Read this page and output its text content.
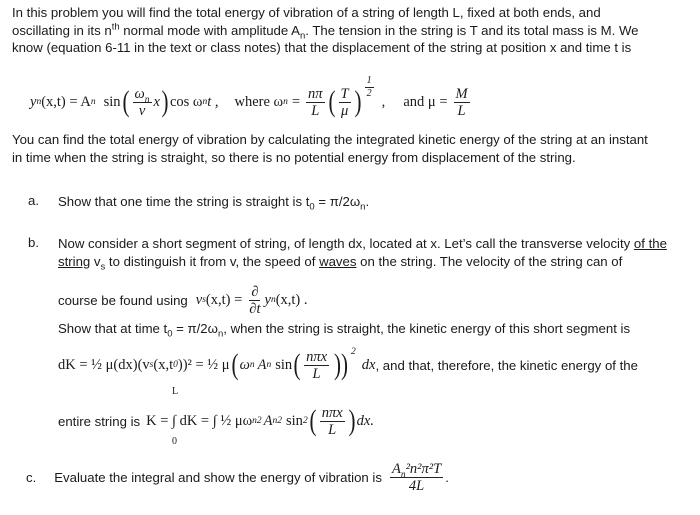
In this problem you will find the total energy of vibration of a string of length L, fixed at both ends, and

oscillating in its $n^{th}$ normal mode with amplitude $A_n$. The tension in the string is T and its total mass is M. We

know (equation 6-11 in the text or class notes) that the displacement of the string at position x and time t is

y n (x,t) = A n sin ( $\frac{\omega_n}{v}$ x ) cos ω n t , where ω $n = \frac{n\pi}{L}$ ( $\frac{T}{\mu}$ ) $\frac{1}{2}$
,     and $\mu = \frac{M}{L}$

You can find the total energy of vibration by calculating the integrated kinetic energy of the string at an instant

in time when the string is straight, so there is no potential energy from displacement of the string.

a. Show that one time the string is straight is $t_0 = \pi/2\omega_n$.

b. Now consider a short segment of string, of length dx, located at x. Let’s call the transverse velocity of the

string $v_s$ to distinguish it from v, the speed of waves on the string. The velocity of the string can of

course be found using v s $(x,t) = \frac{\partial}{\partial t}$ y n (x,t) .

Show that at time $t_0 = \pi/2\omega_n$, when the string is straight, the kinetic energy of this short segment is

dK = ½ μ(dx)(v s (x,t 0 ))² = ½ μ ( ω n A n sin ( $\frac{\text{nπx}}{L}$ )) 2
dx , and that, therefore, the kinetic energy of the
entire string is K = ∫ dK = ∫ ½ μω n 2 A n 2 sin 2 ( $\frac{\text{nπx}}{L}$ ) dx.
L
0
c. Evaluate the integral and show the energy of vibration is $\frac{A_n^2n^2\pi^2T}{4L}$ .
